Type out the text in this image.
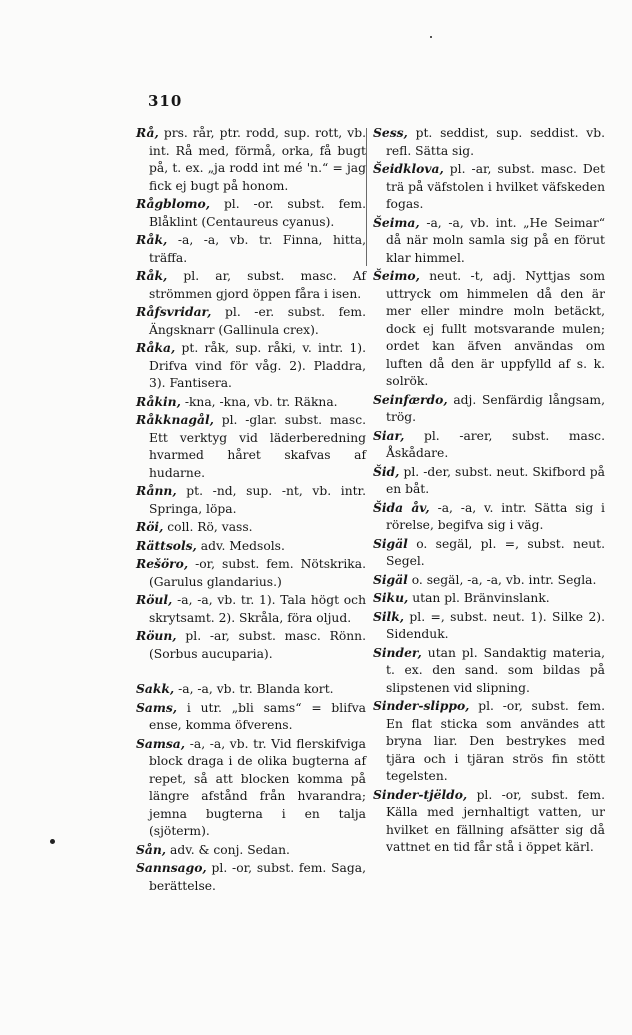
310

Rå, prs. rår, ptr. rodd, sup. rott, vb. int. Rå med, förmå, orka, få bugt på, t. ex. „ja rodd int mé 'n.“ = jag fick ej bugt på honom.

Rågblomo, pl. -or. subst. fem. Blåklint (Centaureus cyanus).

Råk, -a, -a, vb. tr. Finna, hitta, träffa.

Råk, pl. ar, subst. masc. Af strömmen gjord öppen fåra i isen.

Råfsvridar, pl. -er. subst. fem. Ängsknarr (Gallinula crex).

Råka, pt. råk, sup. råki, v. intr. 1). Drifva vind för våg. 2). Pladdra, 3). Fantisera.

Råkin, -kna, -kna, vb. tr. Räkna.

Råkknagål, pl. -glar. subst. masc. Ett verktyg vid läderberedning hvarmed håret skafvas af hudarne.

Rånn, pt. -nd, sup. -nt, vb. intr. Springa, löpa.

Röi, coll. Rö, vass.

Rättsols, adv. Medsols.

Rešöro, -or, subst. fem. Nötskrika. (Garulus glandarius.)

Röul, -a, -a, vb. tr. 1). Tala högt och skrytsamt. 2). Skråla, föra oljud.

Röun, pl. -ar, subst. masc. Rönn. (Sorbus aucuparia).

Sakk, -a, -a, vb. tr. Blanda kort.

Sams, i utr. „bli sams“ = blifva ense, komma öfverens.

Samsa, -a, -a, vb. tr. Vid flerskifviga block draga i de olika bugterna af repet, så att blocken komma på längre afstånd från hvarandra; jemna bugterna i en talja (sjöterm).

Sån, adv. & conj. Sedan.

Sannsago, pl. -or, subst. fem. Saga, berättelse.

Sess, pt. seddist, sup. seddist. vb. refl. Sätta sig.

Šeidklova, pl. -ar, subst. masc. Det trä på väfstolen i hvilket väfskeden fogas.

Šeima, -a, -a, vb. int. „He Seimar“ då när moln samla sig på en förut klar himmel.

Šeimo, neut. -t, adj. Nyttjas som uttryck om himmelen då den är mer eller mindre moln betäckt, dock ej fullt motsvarande mulen; ordet kan äfven användas om luften då den är uppfylld af s. k. solrök.

Seinfærdo, adj. Senfärdig långsam, trög.

Siar, pl. -arer, subst. masc. Åskådare.

Šid, pl. -der, subst. neut. Skifbord på en båt.

Šida åv, -a, -a, v. intr. Sätta sig i rörelse, begifva sig i väg.

Sigäl o. segäl, pl. =, subst. neut. Segel.

Sigäl o. segäl, -a, -a, vb. intr. Segla.

Siku, utan pl. Bränvinslank.

Silk, pl. =, subst. neut. 1). Silke 2). Sidenduk.

Sinder, utan pl. Sandaktig materia, t. ex. den sand. som bildas på slipstenen vid slipning.

Sinder-slippo, pl. -or, subst. fem. En flat sticka som användes att bryna liar. Den bestrykes med tjära och i tjäran strös fin stött tegelsten.

Sinder-tjëldo, pl. -or, subst. fem. Källa med jernhaltigt vatten, ur hvilket en fällning afsätter sig då vattnet en tid får stå i öppet kärl.
